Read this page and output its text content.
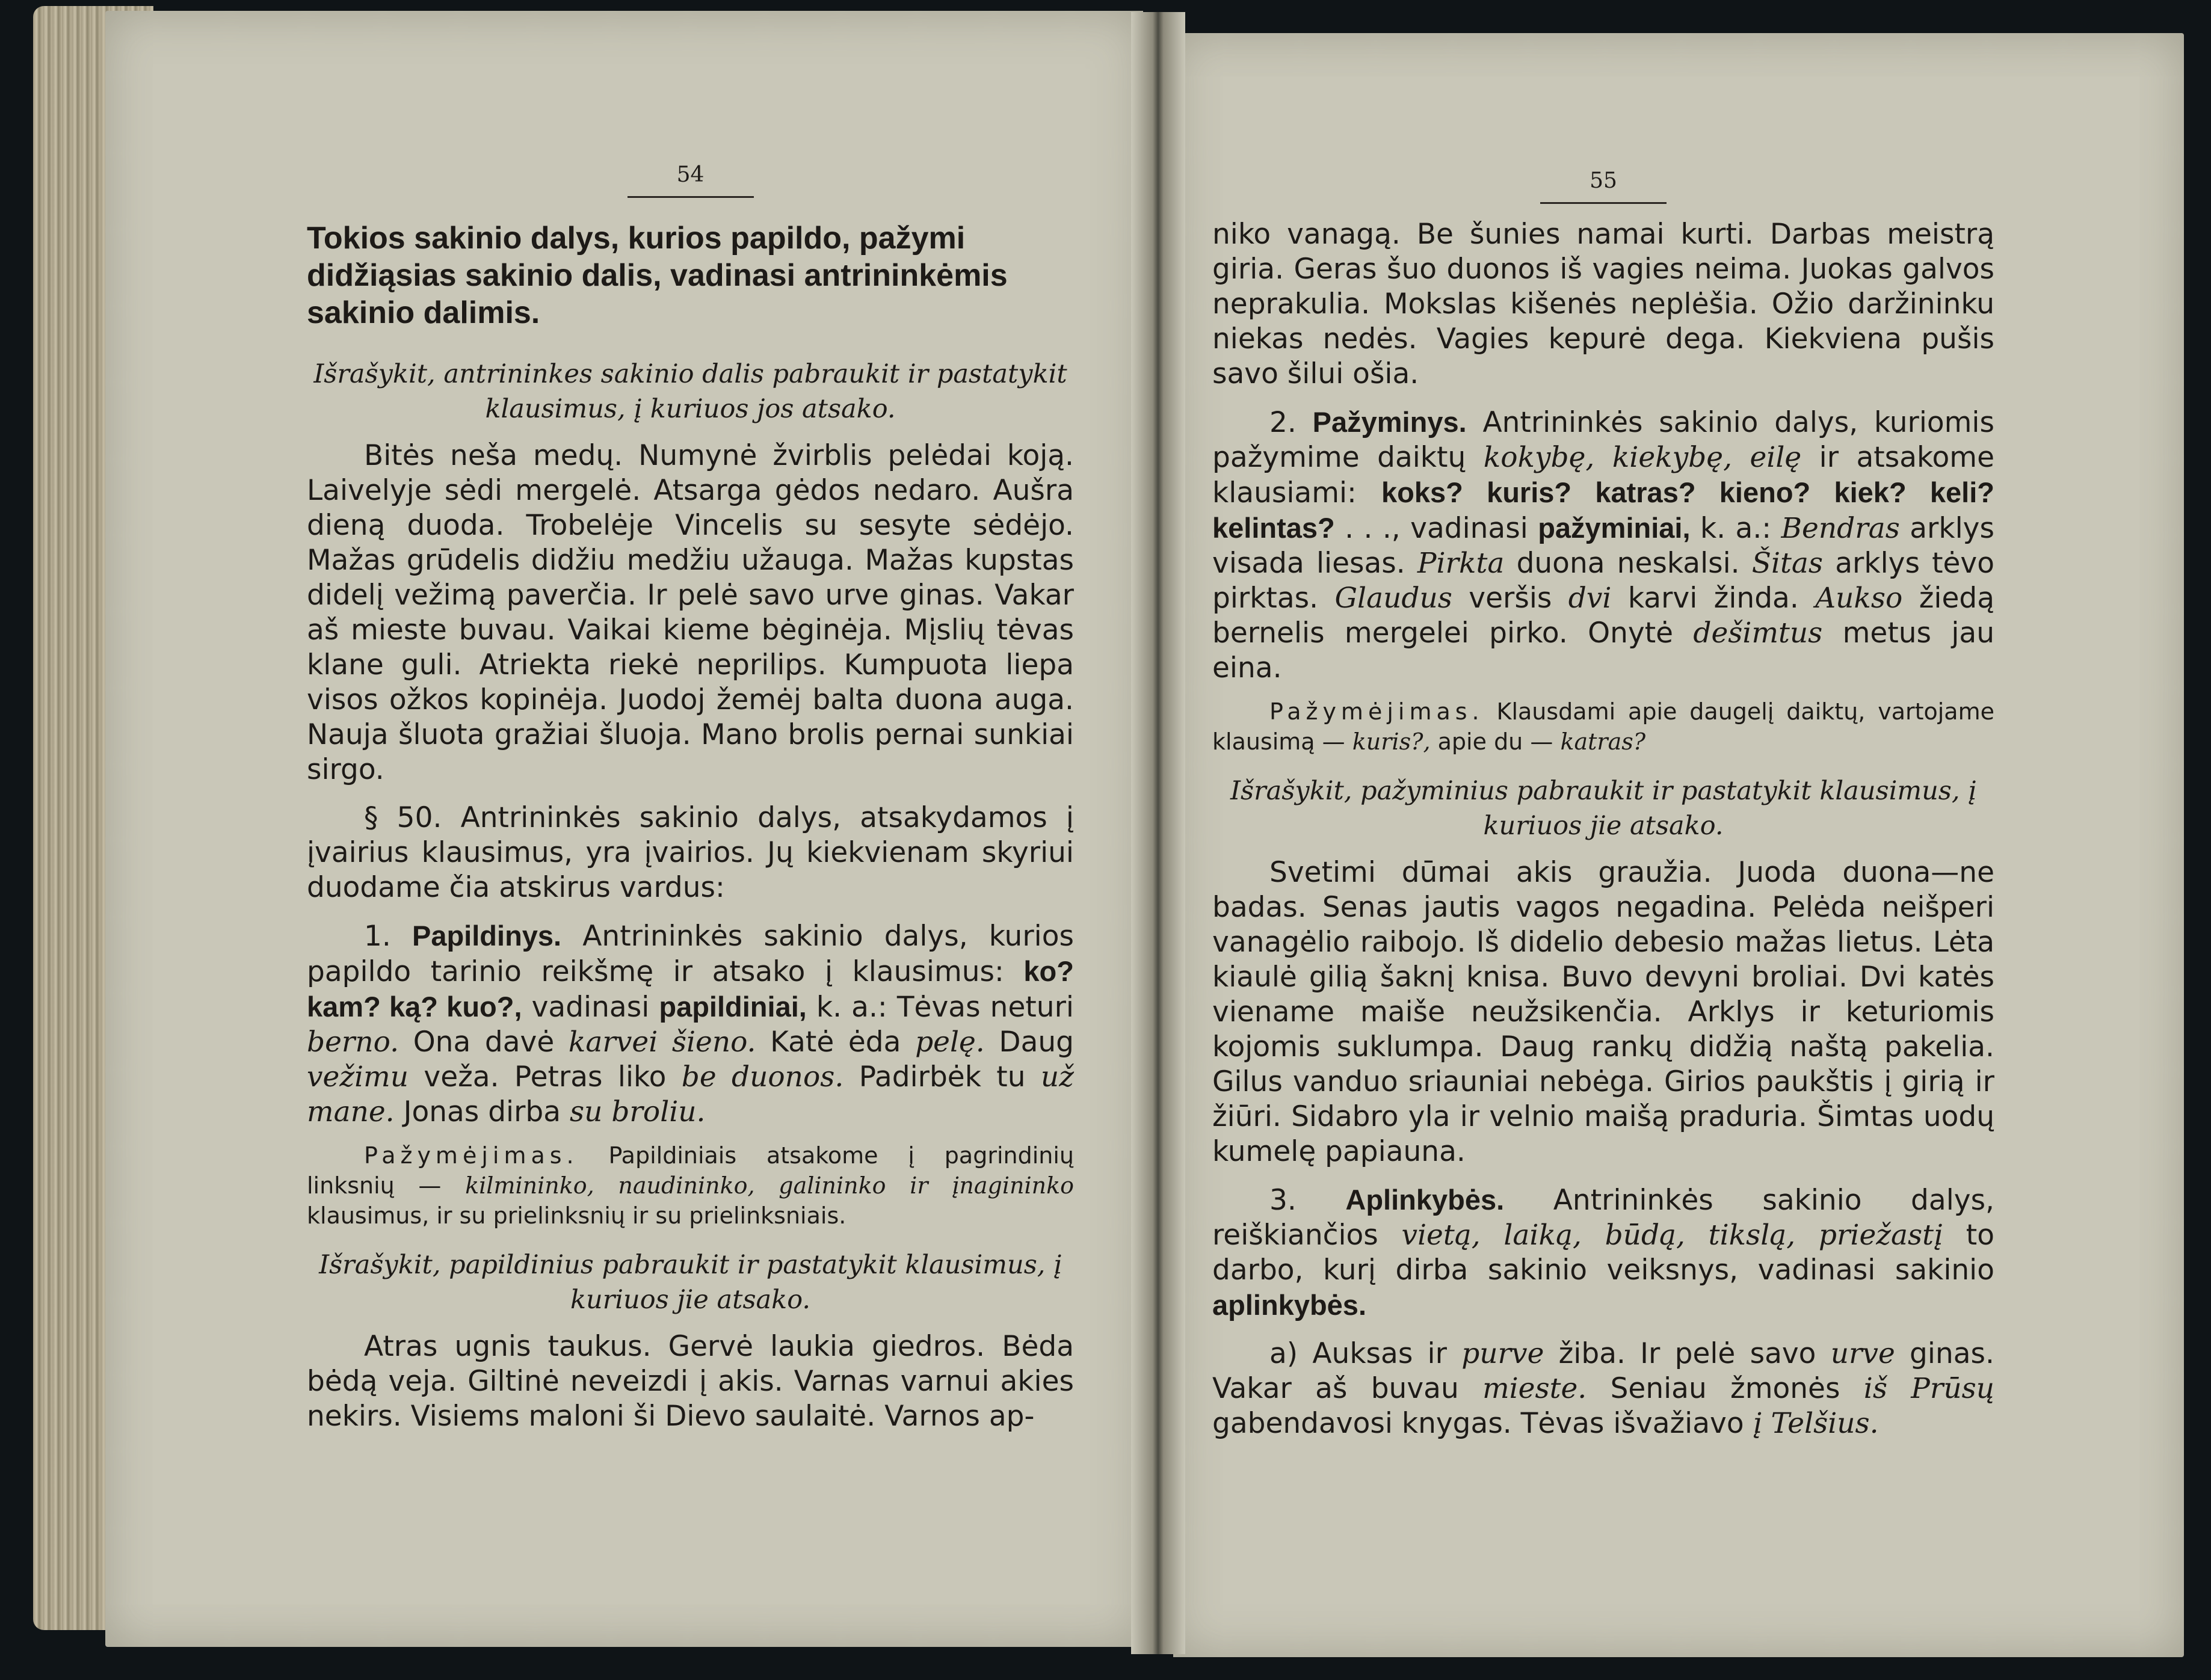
54

Tokios sakinio dalys, kurios papildo, pažymi didžiąsias sakinio dalis, vadinasi antrininkėmis sakinio dalimis.

Išrašykit, antrininkes sakinio dalis pabraukit ir pastatykit klausimus, į kuriuos jos atsako.

Bitės neša medų. Numynė žvirblis pelėdai koją. Laivelyje sėdi mergelė. Atsarga gėdos nedaro. Aušra dieną duoda. Trobelėje Vincelis su sesyte sėdėjo. Mažas grūdelis didžiu medžiu užauga. Mažas kupstas didelį vežimą paverčia. Ir pelė savo urve ginas. Vakar aš mieste buvau. Vaikai kieme bėginėja. Mįslių tėvas klane guli. Atriekta riekė neprilips. Kumpuota liepa visos ožkos kopinėja. Juodoj žemėj balta duona auga. Nauja šluota gražiai šluoja. Mano brolis pernai sunkiai sirgo.

§ 50. Antrininkės sakinio dalys, atsakydamos į įvairius klausimus, yra įvairios. Jų kiekvienam skyriui duodame čia atskirus vardus:

1. Papildinys. Antrininkės sakinio dalys, kurios papildo tarinio reikšmę ir atsako į klausimus: ko? kam? ką? kuo?, vadinasi papildiniai, k. a.: Tėvas neturi berno. Ona davė karvei šieno. Katė ėda pelę. Daug vežimu veža. Petras liko be duonos. Padirbėk tu už mane. Jonas dirba su broliu.

Pažymėjimas. Papildiniais atsakome į pagrindinių linksnių — kilmininko, naudininko, galininko ir įnagininko klausimus, ir su prielinksnių ir su prielinksniais.

Išrašykit, papildinius pabraukit ir pastatykit klausimus, į kuriuos jie atsako.

Atras ugnis taukus. Gervė laukia giedros. Bėda bėdą veja. Giltinė neveizdi į akis. Varnas varnui akies nekirs. Visiems maloni ši Dievo saulaitė. Varnos ap-

55

niko vanagą. Be šunies namai kurti. Darbas meistrą giria. Geras šuo duonos iš vagies neima. Juokas galvos neprakulia. Mokslas kišenės neplėšia. Ožio daržininku niekas nedės. Vagies kepurė dega. Kiekviena pušis savo šilui ošia.

2. Pažyminys. Antrininkės sakinio dalys, kuriomis pažymime daiktų kokybę, kiekybę, eilę ir atsakome klausiami: koks? kuris? katras? kieno? kiek? keli? kelintas? . . ., vadinasi pažyminiai, k. a.: Bendras arklys visada liesas. Pirkta duona neskalsi. Šitas arklys tėvo pirktas. Glaudus veršis dvi karvi žinda. Aukso žiedą bernelis mergelei pirko. Onytė dešimtus metus jau eina.

Pažymėjimas. Klausdami apie daugelį daiktų, vartojame klausimą — kuris?, apie du — katras?

Išrašykit, pažyminius pabraukit ir pastatykit klausimus, į kuriuos jie atsako.

Svetimi dūmai akis graužia. Juoda duona—ne badas. Senas jautis vagos negadina. Pelėda neišperi vanagėlio raibojo. Iš didelio debesio mažas lietus. Lėta kiaulė gilią šaknį knisa. Buvo devyni broliai. Dvi katės viename maiše neužsikenčia. Arklys ir keturiomis kojomis suklumpa. Daug rankų didžią naštą pakelia. Gilus vanduo sriauniai nebėga. Girios paukštis į girią ir žiūri. Sidabro yla ir velnio maišą praduria. Šimtas uodų kumelę papiauna.

3. Aplinkybės. Antrininkės sakinio dalys, reiškiančios vietą, laiką, būdą, tikslą, priežastį to darbo, kurį dirba sakinio veiksnys, vadinasi sakinio aplinkybės.

a) Auksas ir purve žiba. Ir pelė savo urve ginas. Vakar aš buvau mieste. Seniau žmonės iš Prūsų gabendavosi knygas. Tėvas išvažiavo į Telšius.
